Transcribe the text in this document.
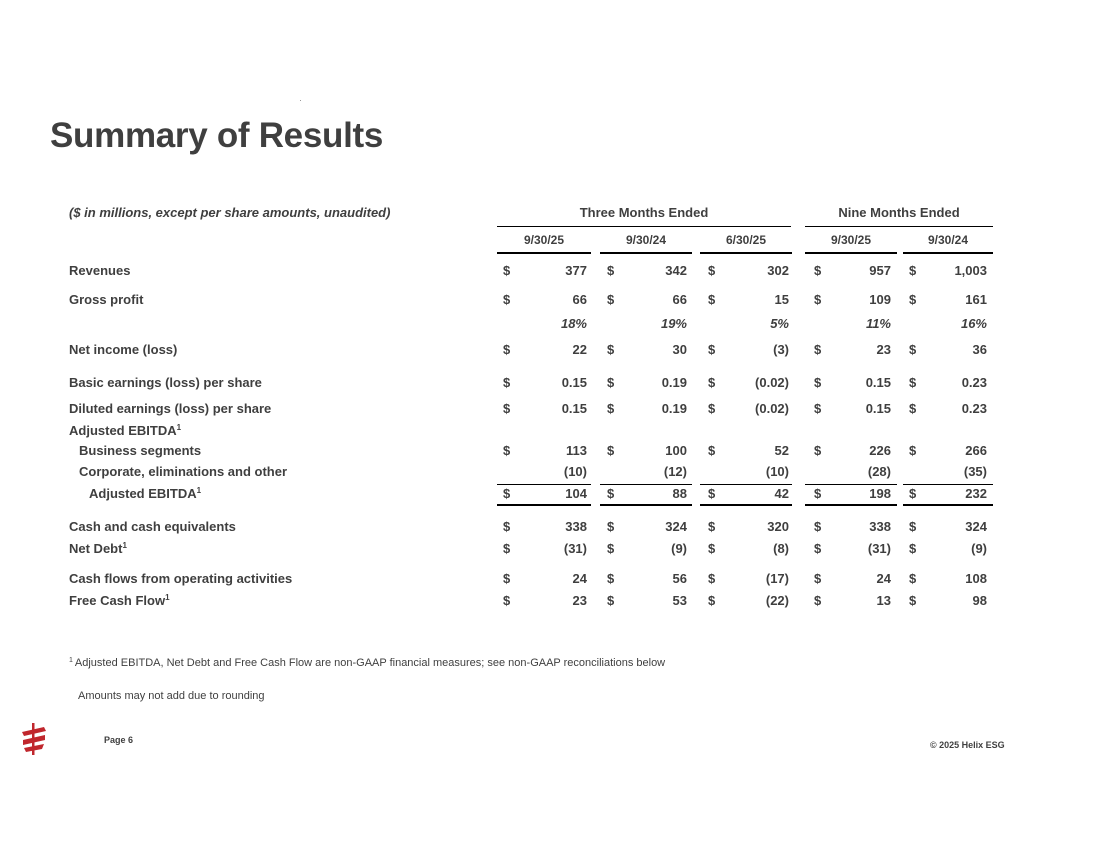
Summary of Results
($ in millions, except per share amounts, unaudited)	Three Months Ended	Nine Months Ended
9/30/25	9/30/24	6/30/25	9/30/25	9/30/24
Revenues	$	377 $	342 $	302 $	957 $	1,003
Gross profit	$	66 $	66 $	15 $	109 $	161
18%	19%	5%	11%	16%
Net income (loss)	$	22 $	30 $	(3) $	23 $	36
Basic earnings (loss) per share	$	0.15 $	0.19 $	(0.02) $	0.15 $	0.23
Diluted earnings (loss) per share	$	0.15 $	0.19 $	(0.02) $	0.15 $	0.23
Adjusted EBITDA$^1$
Business segments	$	113 $	100 $	52 $	226 $	266
Corporate, eliminations and other	(10)	(12)	(10)	(28)	(35)
Adjusted EBITDA$^1$	$	104 $	88 $	42 $	198 $	232
Cash and cash equivalents	$	338 $	324 $	320 $	338 $	324
Net Debt$^1$	$	(31) $	(9) $	(8) $	(31) $	(9)
Cash flows from operating activities	$	24 $	56 $	(17) $	24 $	108
Free Cash Flow$^1$	$	23 $	53 $	(22) $	13 $	98
$^1$ Adjusted EBITDA, Net Debt and Free Cash Flow are non-GAAP financial measures; see non-GAAP reconciliations below
Amounts may not add due to rounding
Page 6	© 2025 Helix ESG
